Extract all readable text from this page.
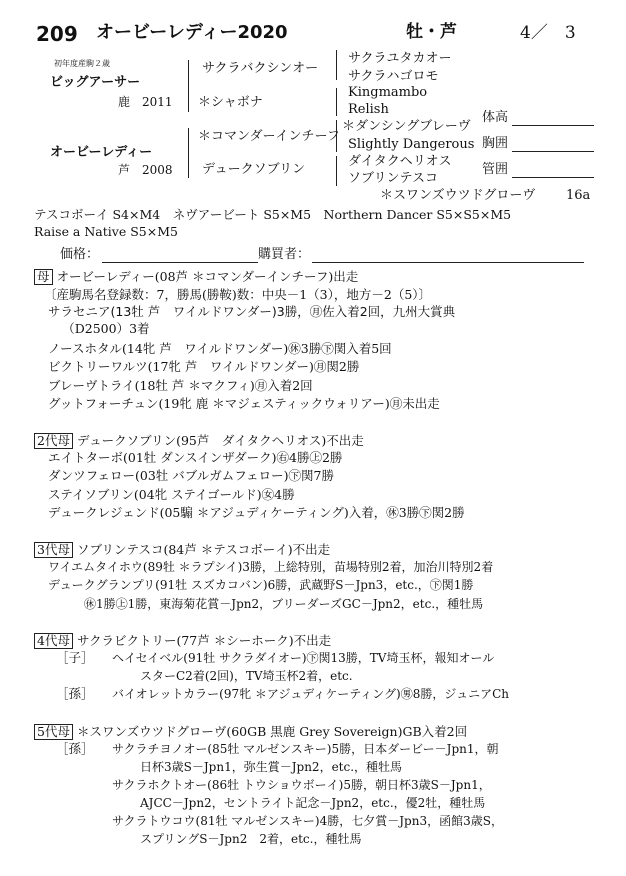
209 オービーレディー2020	牡・芦	4／　3
初年度産駒２歳
ビッグアーサー
鹿　2011
オービーレディー
芦　2008
サクラバクシンオー
＊シャボナ
＊コマンダーインチーフ
デュークソブリン
サクラユタカオー
サクラハゴロモ
Kingmambo
Relish
＊ダンシングブレーヴ
Slightly Dangerous
ダイタクヘリオス
ソブリンテスコ
＊スワンズウツドグローヴ 16a
体高
胸囲
管囲
テスコボーイ S4×M4　ネヴアービート S5×M5　Northern Dancer S5×S5×M5
Raise a Native S5×M5
価格：	購買者：
母 オービーレディー(08芦 ＊コマンダーインチーフ)出走
〔産駒馬名登録数：7，勝馬(勝鞍)数：中央－1（3），地方－2（5）〕
サラセニア(13牡 芦　ワイルドワンダー)3勝，㊊佐入着2回，九州大賞典
　（D2500）3着
ノースホタル(14牝 芦　ワイルドワンダー)㊡3勝㊦関入着5回
ビクトリーワルツ(17牝 芦　ワイルドワンダー)㊊関2勝
ブレーヴトライ(18牡 芦 ＊マクフィ)㊊入着2回
グットフォーチュン(19牝 鹿 ＊マジェスティックウォリアー)㊊未出走
2代母 デュークソブリン(95芦　ダイタクヘリオス)不出走
エイトターボ(01牡 ダンスインザダーク)㊨4勝㊤2勝
ダンツフェロー(03牡 バブルガムフェロー)㊦関7勝
ステイソブリン(04牝 ステイゴールド)㊛4勝
デュークレジェンド(05騸 ＊アジュディケーティング)入着，㊡3勝㊦関2勝
3代母 ソブリンテスコ(84芦 ＊テスコボーイ)不出走
ワイエムタイホウ(89牡 ＊ラプシイ)3勝，上総特別，苗場特別2着，加治川特別2着
デュークグランプリ(91牡 スズカコバン)6勝，武蔵野S－Jpn3，etc.，㊦関1勝
㊡1勝㊤1勝，東海菊花賞－Jpn2，ブリーダーズGC－Jpn2，etc.，種牡馬
4代母 サクラビクトリー(77芦 ＊シーホーク)不出走
［子］ ヘイセイベル(91牡 サクラダイオー)㊦関13勝，TV埼玉杯，報知オール
スターC2着(2回)，TV埼玉杯2着，etc.
［孫］ バイオレットカラー(97牝 ＊アジュディケーティング)㊚8勝，ジュニアCh
5代母 ＊スワンズウツドグローヴ(60GB 黒鹿 Grey Sovereign)GB入着2回
［孫］ サクラチヨノオー(85牡 マルゼンスキー)5勝，日本ダービー－Jpn1，朝
日杯3歳S－Jpn1，弥生賞－Jpn2，etc.，種牡馬
サクラホクトオー(86牡 トウショウボーイ)5勝，朝日杯3歳S－Jpn1，
AJCC－Jpn2，セントライト記念－Jpn2，etc.，優2牡，種牡馬
サクラトウコウ(81牡 マルゼンスキー)4勝，七夕賞－Jpn3，函館3歳S，
スプリングS－Jpn2　2着，etc.，種牡馬
